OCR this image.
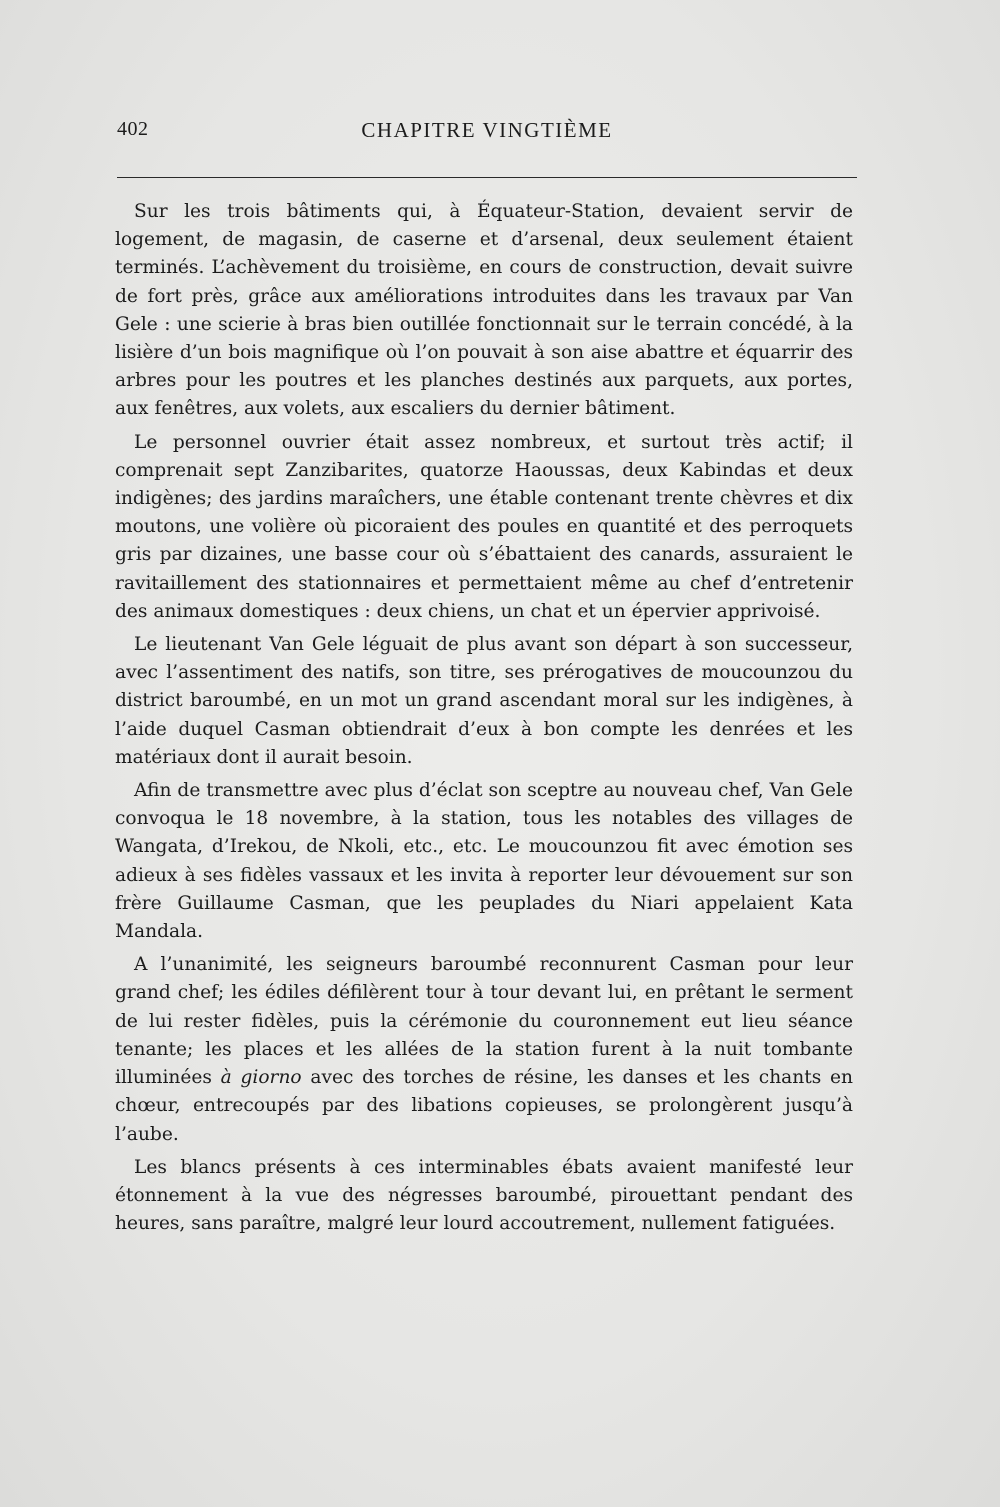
402	CHAPITRE VINGTIÈME

Sur les trois bâtiments qui, à Équateur-Station, devaient servir de logement, de magasin, de caserne et d’arsenal, deux seulement étaient terminés. L’achèvement du troisième, en cours de construction, devait suivre de fort près, grâce aux améliorations introduites dans les travaux par Van Gele : une scierie à bras bien outillée fonctionnait sur le terrain concédé, à la lisière d’un bois magnifique où l’on pouvait à son aise abattre et équarrir des arbres pour les poutres et les planches destinés aux parquets, aux portes, aux fenêtres, aux volets, aux escaliers du dernier bâtiment.

Le personnel ouvrier était assez nombreux, et surtout très actif; il comprenait sept Zanzibarites, quatorze Haoussas, deux Kabindas et deux indigènes; des jardins maraîchers, une étable contenant trente chèvres et dix moutons, une volière où picoraient des poules en quantité et des perroquets gris par dizaines, une basse cour où s’ébattaient des canards, assuraient le ravitaillement des stationnaires et permettaient même au chef d’entretenir des animaux domestiques : deux chiens, un chat et un épervier apprivoisé.

Le lieutenant Van Gele léguait de plus avant son départ à son successeur, avec l’assentiment des natifs, son titre, ses prérogatives de moucounzou du district baroumbé, en un mot un grand ascendant moral sur les indigènes, à l’aide duquel Casman obtiendrait d’eux à bon compte les denrées et les matériaux dont il aurait besoin.

Afin de transmettre avec plus d’éclat son sceptre au nouveau chef, Van Gele convoqua le 18 novembre, à la station, tous les notables des villages de Wangata, d’Irekou, de Nkoli, etc., etc. Le moucounzou fit avec émotion ses adieux à ses fidèles vassaux et les invita à reporter leur dévouement sur son frère Guillaume Casman, que les peuplades du Niari appelaient Kata Mandala.

A l’unanimité, les seigneurs baroumbé reconnurent Casman pour leur grand chef; les édiles défilèrent tour à tour devant lui, en prêtant le serment de lui rester fidèles, puis la cérémonie du couronnement eut lieu séance tenante; les places et les allées de la station furent à la nuit tombante illuminées à giorno avec des torches de résine, les danses et les chants en chœur, entrecoupés par des libations copieuses, se prolongèrent jusqu’à l’aube.

Les blancs présents à ces interminables ébats avaient manifesté leur étonnement à la vue des négresses baroumbé, pirouettant pendant des heures, sans paraître, malgré leur lourd accoutrement, nullement fatiguées.
